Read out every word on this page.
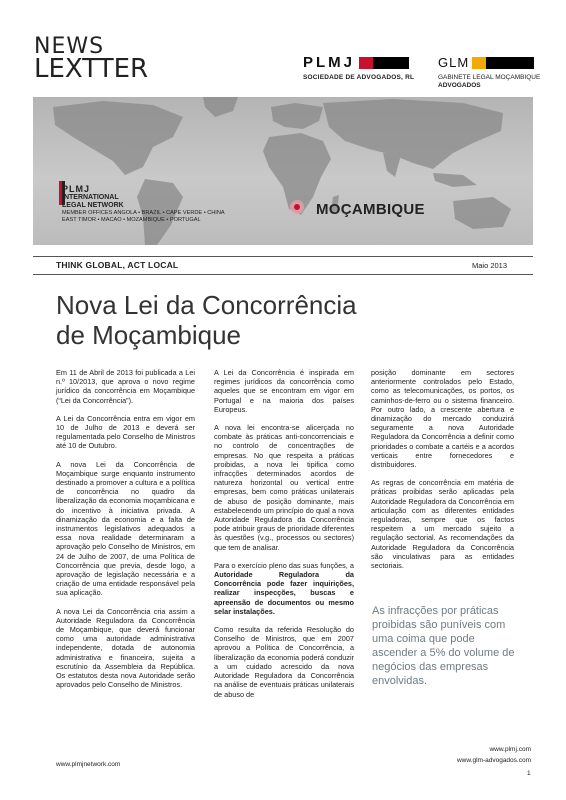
NEWS
LEXTTER	PLMJ
SOCIEDADE DE ADVOGADOS, RL
GLM
GABINETE LEGAL MOÇAMBIQUE
ADVOGADOS
PLMJ
INTERNATIONAL
LEGAL NETWORK
MEMBER OFFICES ANGOLA • BRAZIL • CAPE VERDE • CHINA
EAST TIMOR • MACAO • MOZAMBIQUE • PORTUGAL
MOÇAMBIQUE
THINK GLOBAL, ACT LOCAL	Maio 2013
Nova Lei da Concorrência
de Moçambique

Em 11 de Abril de 2013 foi publicada a Lei n.º 10/2013, que aprova o novo regime jurídico da concorrência em Moçambique (“Lei da Concorrência”).

A Lei da Concorrência entra em vigor em 10 de Julho de 2013 e deverá ser regulamentada pelo Conselho de Ministros até 10 de Outubro.

A nova Lei da Concorrência de Moçambique surge enquanto instrumento destinado a promover a cultura e a política de concorrência no quadro da liberalização da economia moçambicana e do incentivo à iniciativa privada. A dinamização da economia e a falta de instrumentos legislativos adequados a essa nova realidade determinaram a aprovação pelo Conselho de Ministros, em 24 de Julho de 2007, de uma Política de Concorrência que previa, desde logo, a aprovação de legislação necessária e a criação de uma entidade responsável pela sua aplicação.

A nova Lei da Concorrência cria assim a Autoridade Reguladora da Concorrência de Moçambique, que deverá funcionar como uma autoridade administrativa independente, dotada de autonomia administrativa e financeira, sujeita a escrutínio da Assembleia da República. Os estatutos desta nova Autoridade serão aprovados pelo Conselho de Ministros.

A Lei da Concorrência é inspirada em regimes jurídicos da concorrência como aqueles que se encontram em vigor em Portugal e na maioria dos países Europeus.

A nova lei encontra-se alicerçada no combate às práticas anti-concorrenciais e no controlo de concentrações de empresas. No que respeita a práticas proibidas, a nova lei tipifica como infracções determinados acordos de natureza horizontal ou vertical entre empresas, bem como práticas unilaterais de abuso de posição dominante, mais estabelecendo um princípio do qual a nova Autoridade Reguladora da Concorrência pode atribuir graus de prioridade diferentes às questões (v.g., processos ou sectores) que tem de analisar.

Para o exercício pleno das suas funções, a Autoridade Reguladora da Concorrência pode fazer inquirições, realizar inspecções, buscas e apreensão de documentos ou mesmo selar instalações.

Como resulta da referida Resolução do Conselho de Ministros, que em 2007 aprovou a Política de Concorrência, a liberalização da economia poderá conduzir a um cuidado acrescido da nova Autoridade Reguladora da Concorrência na análise de eventuais práticas unilaterais de abuso de

posição dominante em sectores anteriormente controlados pelo Estado, como as telecomunicações, os portos, os caminhos-de-ferro ou o sistema financeiro. Por outro lado, a crescente abertura e dinamização do mercado conduzirá seguramente a nova Autoridade Reguladora da Concorrência a definir como prioridades o combate a cartéis e a acordos verticais entre fornecedores e distribuidores.

As regras de concorrência em matéria de práticas proibidas serão aplicadas pela Autoridade Reguladora da Concorrência em articulação com as diferentes entidades reguladoras, sempre que os factos respeitem a um mercado sujeito a regulação sectorial. As recomendações da Autoridade Reguladora da Concorrência são vinculativas para as entidades sectoriais.

As infracções por práticas proibidas são puníveis com uma coima que pode ascender a 5% do volume de negócios das empresas envolvidas.
www.plmjnetwork.com
www.plmj.com
www.glm-advogados.com
1
